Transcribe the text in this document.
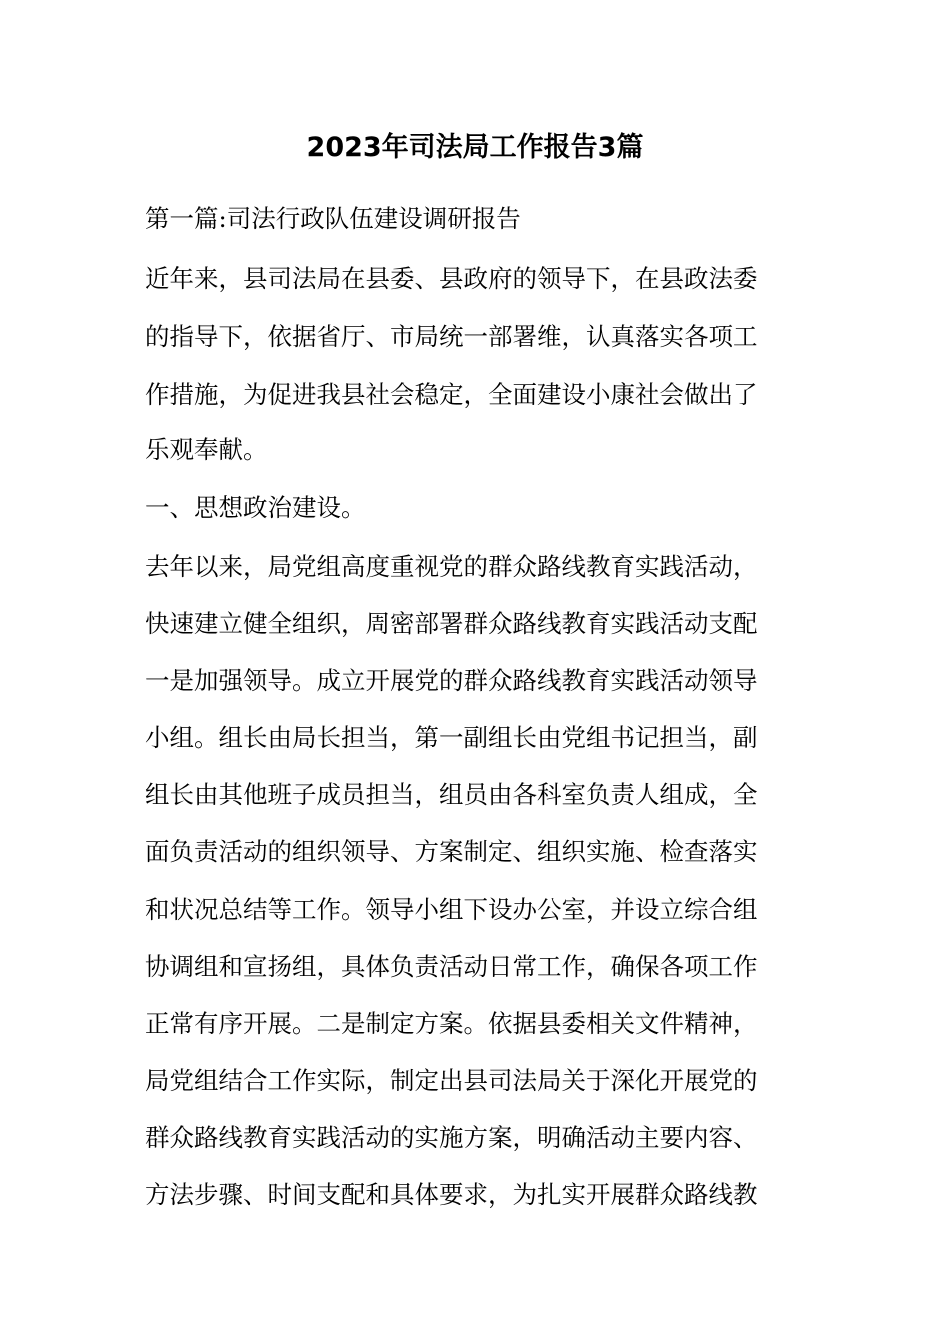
2023年司法局工作报告3篇
第一篇:司法行政队伍建设调研报告
近年来，县司法局在县委、县政府的领导下，在县政法委
的指导下，依据省厅、市局统一部署维，认真落实各项工
作措施，为促进我县社会稳定，全面建设小康社会做出了
乐观奉献。
一、思想政治建设。
去年以来，局党组高度重视党的群众路线教育实践活动，
快速建立健全组织，周密部署群众路线教育实践活动支配
一是加强领导。成立开展党的群众路线教育实践活动领导
小组。组长由局长担当，第一副组长由党组书记担当，副
组长由其他班子成员担当，组员由各科室负责人组成，全
面负责活动的组织领导、方案制定、组织实施、检查落实
和状况总结等工作。领导小组下设办公室，并设立综合组
协调组和宣扬组，具体负责活动日常工作，确保各项工作
正常有序开展。二是制定方案。依据县委相关文件精神，
局党组结合工作实际，制定出县司法局关于深化开展党的
群众路线教育实践活动的实施方案，明确活动主要内容、
方法步骤、时间支配和具体要求，为扎实开展群众路线教
